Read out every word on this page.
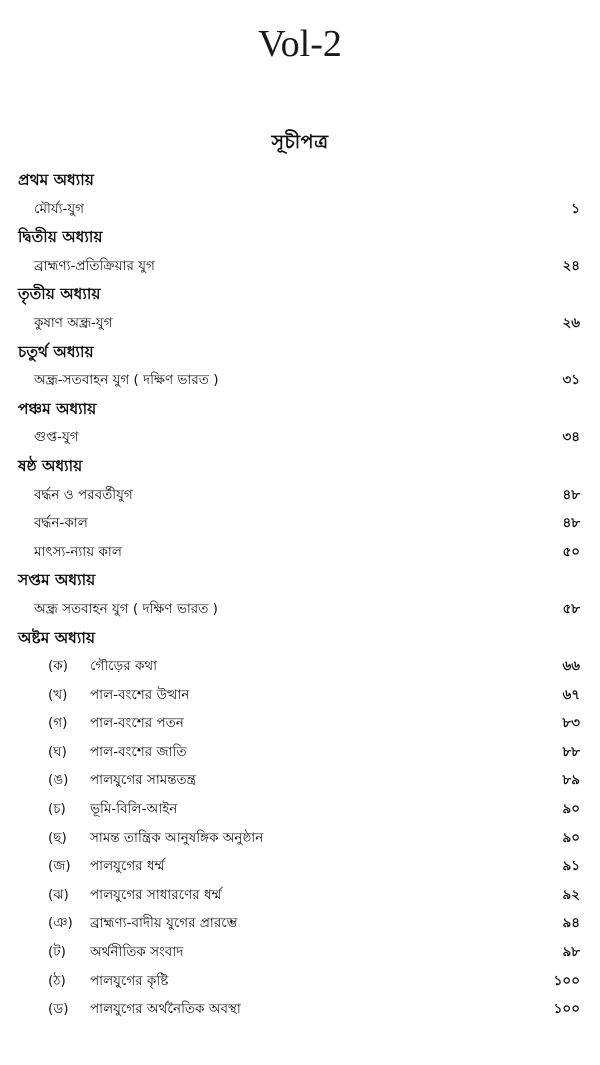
Vol-2
সূচীপত্র
প্রথম অধ্যায়
মৌর্য্য-যুগ	১
দ্বিতীয় অধ্যায়
ব্রাহ্মণ্য-প্রতিক্রিয়ার যুগ	২৪
তৃতীয় অধ্যায়
কুষাণ অন্ধ্র-যুগ	২৬
চতুর্থ অধ্যায়
অন্ধ্র-সতবাহন যুগ ( দক্ষিণ ভারত )	৩১
পঞ্চম অধ্যায়
গুপ্ত-যুগ	৩৪
ষষ্ঠ অধ্যায়
বৰ্দ্ধন ও পরবর্তীযুগ	৪৮
বৰ্দ্ধন-কাল	৪৮
মাৎস্য-ন্যায় কাল	৫০
সপ্তম অধ্যায়
অন্ধ্র সতবাহন যুগ ( দক্ষিণ ভারত )	৫৮
অষ্টম অধ্যায়
(ক) গৌড়ের কথা	৬৬
(খ) পাল-বংশের উত্থান	৬৭
(গ) পাল-বংশের পতন	৮৩
(ঘ) পাল-বংশের জাতি	৮৮
(ঙ) পালযুগের সামন্ততন্ত্র	৮৯
(চ) ভূমি-বিলি-আইন	৯০
(ছ) সামন্ত তান্ত্রিক আনুষঙ্গিক অনুষ্ঠান	৯০
(জ) পালযুগের ধর্ম্ম	৯১
(ঝ) পালযুগের সাধারণের ধর্ম্ম	৯২
(ঞ) ব্রাহ্মণ্য-বাদীয় যুগের প্রারম্ভে	৯৪
(ট) অর্থনীতিক সংবাদ	৯৮
(ঠ) পালযুগের কৃষ্টি	১০০
(ড) পালযুগের অর্থনৈতিক অবস্থা	১০০
